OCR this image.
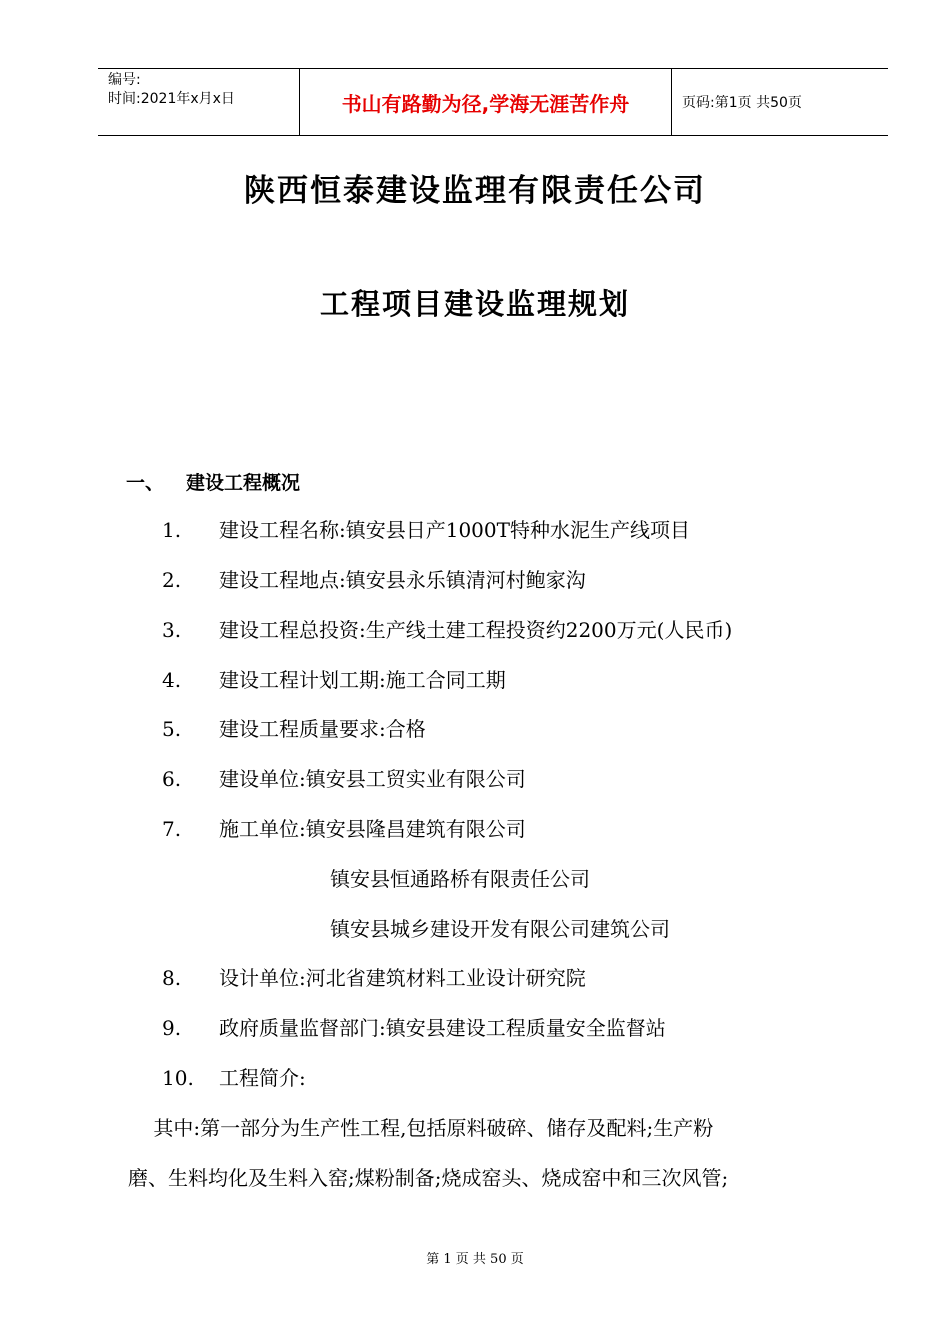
编号:
时间:2021年x月x日	书山有路勤为径,学海无涯苦作舟	页码:第1页 共50页
陕西恒泰建设监理有限责任公司
工程项目建设监理规划
一、 建设工程概况
1. 建设工程名称:镇安县日产1000T特种水泥生产线项目
2. 建设工程地点:镇安县永乐镇清河村鲍家沟
3. 建设工程总投资:生产线土建工程投资约2200万元(人民币)
4. 建设工程计划工期:施工合同工期
5. 建设工程质量要求:合格
6. 建设单位:镇安县工贸实业有限公司
7. 施工单位:镇安县隆昌建筑有限公司
镇安县恒通路桥有限责任公司
镇安县城乡建设开发有限公司建筑公司
8. 设计单位:河北省建筑材料工业设计研究院
9. 政府质量监督部门:镇安县建设工程质量安全监督站
10. 工程简介:
其中:第一部分为生产性工程,包括原料破碎、储存及配料;生产粉
磨、生料均化及生料入窑;煤粉制备;烧成窑头、烧成窑中和三次风管;
第 1 页 共 50 页
